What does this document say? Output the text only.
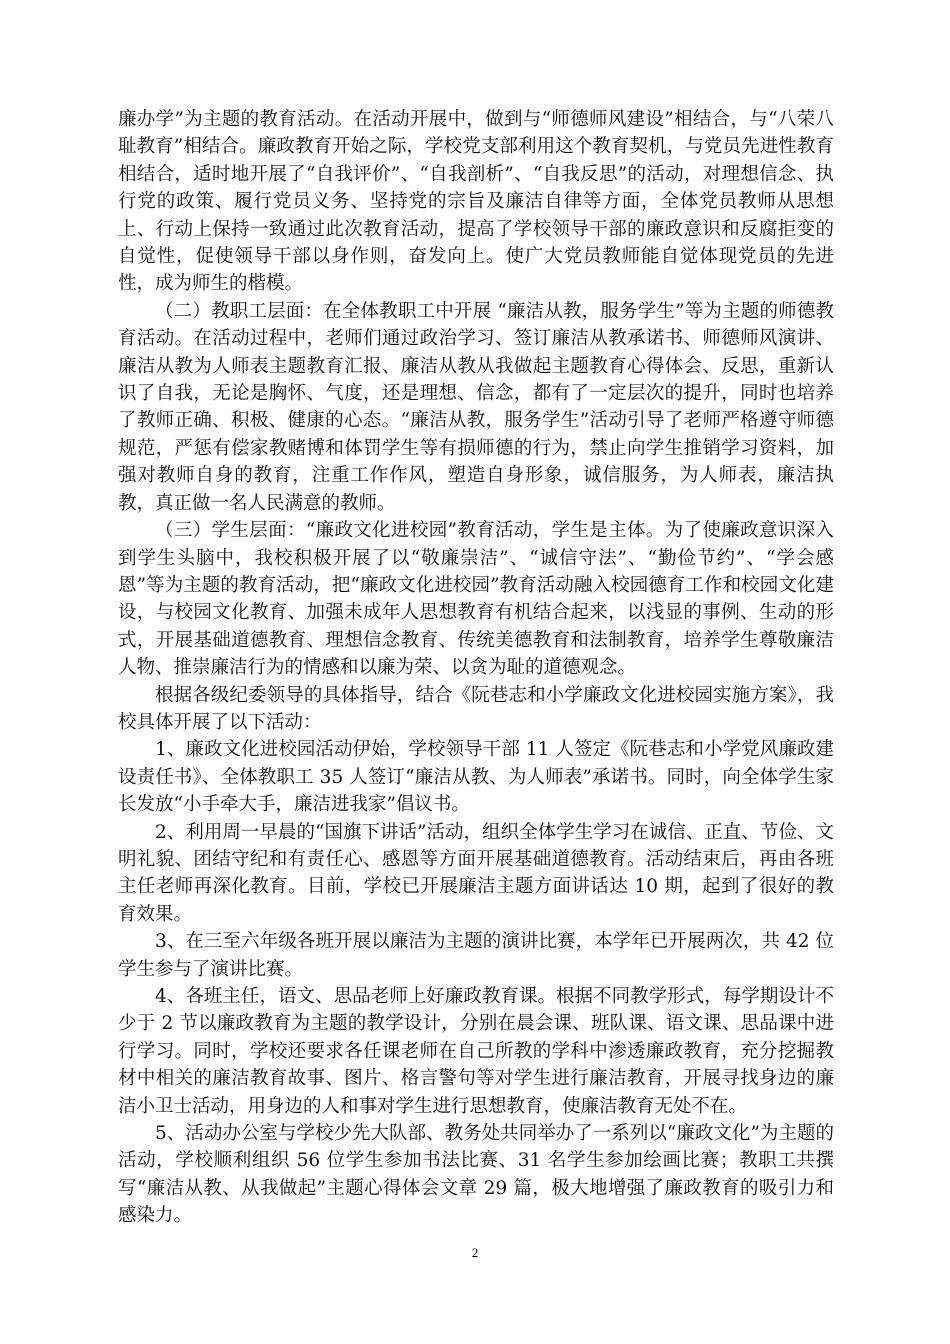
廉办学”为主题的教育活动。在活动开展中，做到与“师德师风建设”相结合，与“八荣八耻教育”相结合。廉政教育开始之际，学校党支部利用这个教育契机，与党员先进性教育相结合，适时地开展了“自我评价”、“自我剖析”、“自我反思”的活动，对理想信念、执行党的政策、履行党员义务、坚持党的宗旨及廉洁自律等方面，全体党员教师从思想上、行动上保持一致通过此次教育活动，提高了学校领导干部的廉政意识和反腐拒变的自觉性，促使领导干部以身作则，奋发向上。使广大党员教师能自觉体现党员的先进性，成为师生的楷模。

（二）教职工层面：在全体教职工中开展 “廉洁从教，服务学生”等为主题的师德教育活动。在活动过程中，老师们通过政治学习、签订廉洁从教承诺书、师德师风演讲、廉洁从教为人师表主题教育汇报、廉洁从教从我做起主题教育心得体会、反思，重新认识了自我，无论是胸怀、气度，还是理想、信念，都有了一定层次的提升，同时也培养了教师正确、积极、健康的心态。“廉洁从教，服务学生”活动引导了老师严格遵守师德规范，严惩有偿家教赌博和体罚学生等有损师德的行为，禁止向学生推销学习资料，加强对教师自身的教育，注重工作作风，塑造自身形象，诚信服务，为人师表，廉洁执教，真正做一名人民满意的教师。

（三）学生层面：“廉政文化进校园”教育活动，学生是主体。为了使廉政意识深入到学生头脑中，我校积极开展了以“敬廉崇洁”、“诚信守法”、“勤俭节约”、“学会感恩”等为主题的教育活动，把“廉政文化进校园”教育活动融入校园德育工作和校园文化建设，与校园文化教育、加强未成年人思想教育有机结合起来，以浅显的事例、生动的形式，开展基础道德教育、理想信念教育、传统美德教育和法制教育，培养学生尊敬廉洁人物、推崇廉洁行为的情感和以廉为荣、以贪为耻的道德观念。

根据各级纪委领导的具体指导，结合《阮巷志和小学廉政文化进校园实施方案》，我校具体开展了以下活动：

1、廉政文化进校园活动伊始，学校领导干部 11 人签定《阮巷志和小学党风廉政建设责任书》、全体教职工 35 人签订“廉洁从教、为人师表”承诺书。同时，向全体学生家长发放“小手牵大手，廉洁进我家”倡议书。

2、利用周一早晨的“国旗下讲话”活动，组织全体学生学习在诚信、正直、节俭、文明礼貌、团结守纪和有责任心、感恩等方面开展基础道德教育。活动结束后，再由各班主任老师再深化教育。目前，学校已开展廉洁主题方面讲话达 10 期，起到了很好的教育效果。

3、在三至六年级各班开展以廉洁为主题的演讲比赛，本学年已开展两次，共 42 位学生参与了演讲比赛。

4、各班主任，语文、思品老师上好廉政教育课。根据不同教学形式，每学期设计不少于 2 节以廉政教育为主题的教学设计，分别在晨会课、班队课、语文课、思品课中进行学习。同时，学校还要求各任课老师在自己所教的学科中渗透廉政教育，充分挖掘教材中相关的廉洁教育故事、图片、格言警句等对学生进行廉洁教育，开展寻找身边的廉洁小卫士活动，用身边的人和事对学生进行思想教育，使廉洁教育无处不在。

5、活动办公室与学校少先大队部、教务处共同举办了一系列以“廉政文化”为主题的活动，学校顺利组织 56 位学生参加书法比赛、31 名学生参加绘画比赛；教职工共撰写“廉洁从教、从我做起”主题心得体会文章 29 篇，极大地增强了廉政教育的吸引力和感染力。

2
